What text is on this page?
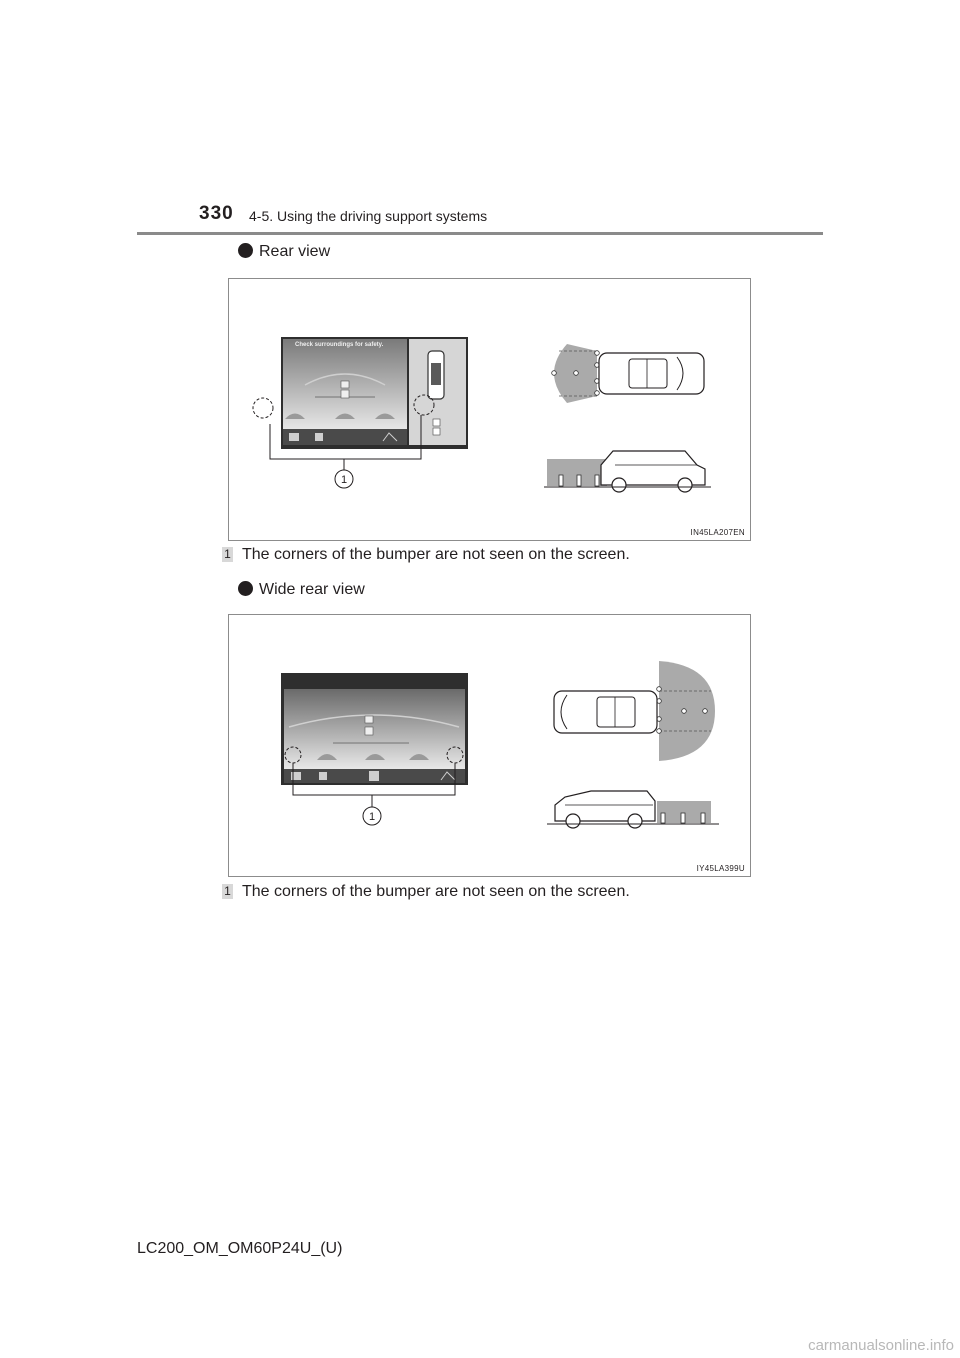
330 4-5. Using the driving support systems
Rear view
Check surroundings for safety.
1
IN45LA207EN
1 The corners of the bumper are not seen on the screen.
Wide rear view
1
IY45LA399U
1 The corners of the bumper are not seen on the screen.
LC200_OM_OM60P24U_(U)
carmanualsonline.info
